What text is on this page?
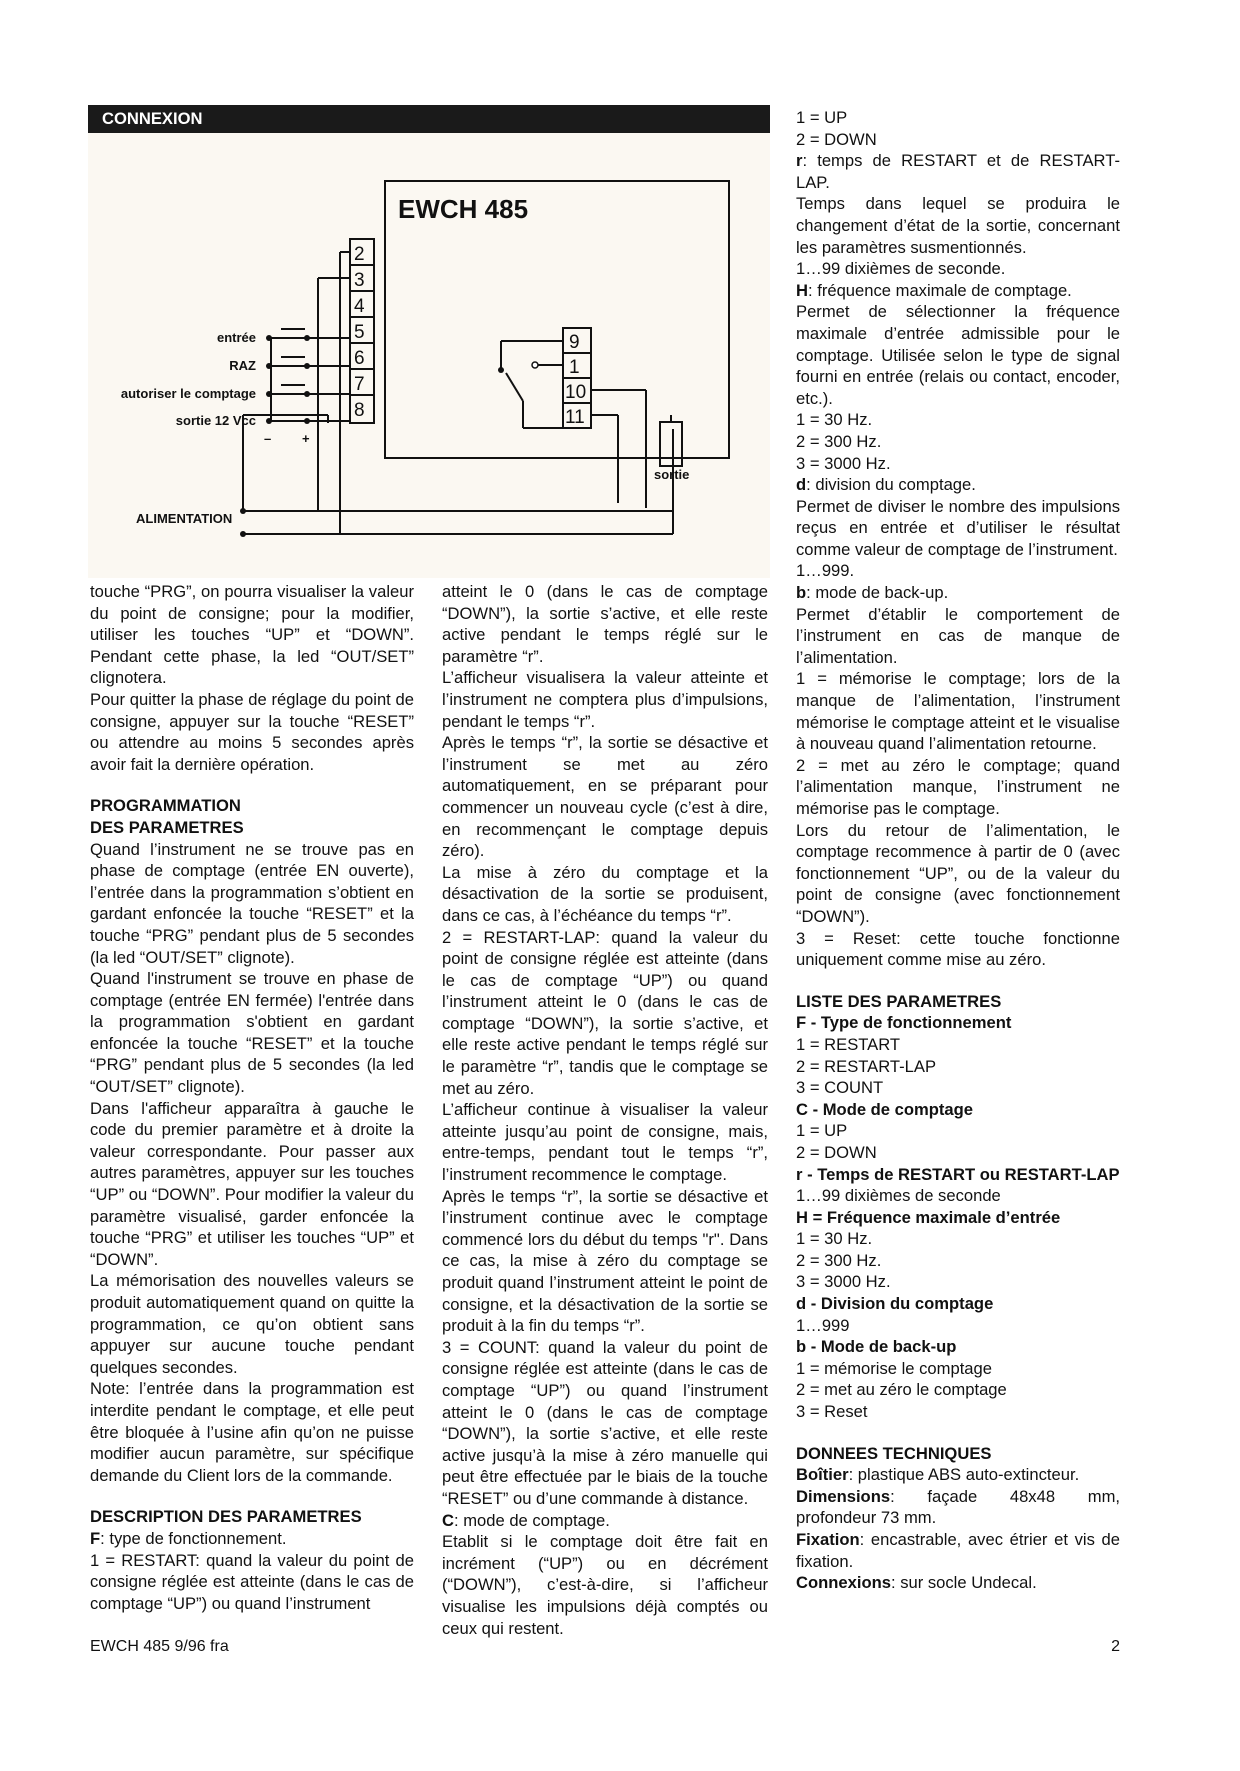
CONNEXION
EWCH 485
2
3
4
5
6
7
8
9
1
10
11
entrée
RAZ
autoriser le comptage
sortie 12 Vcc
– +
sortie
ALIMENTATION

touche “PRG”, on pourra visualiser la valeur du point de consigne; pour la modifier, utiliser les touches “UP” et “DOWN”. Pendant cette phase, la led “OUT/SET” clignotera.

Pour quitter la phase de réglage du point de consigne, appuyer sur la touche “RESET” ou attendre au moins 5 secondes après avoir fait la dernière opération.

PROGRAMMATION
DES PARAMETRES

Quand l’instrument ne se trouve pas en phase de comptage (entrée EN ouverte), l’entrée dans la programmation s’obtient en gardant enfoncée la touche “RESET” et la touche “PRG” pendant plus de 5 secondes (la led “OUT/SET” clignote).

Quand l'instrument se trouve en phase de comptage (entrée EN fermée) l'entrée dans la programmation s'obtient en gardant enfoncée la touche “RESET” et la touche “PRG” pendant plus de 5 secondes (la led “OUT/SET” clignote).

Dans l'afficheur apparaîtra à gauche le code du premier paramètre et à droite la valeur correspondante. Pour passer aux autres paramètres, appuyer sur les touches “UP” ou “DOWN”. Pour modifier la valeur du paramètre visualisé, garder enfoncée la touche “PRG” et utiliser les touches “UP” et “DOWN”.

La mémorisation des nouvelles valeurs se produit automatiquement quand on quitte la programmation, ce qu’on obtient sans appuyer sur aucune touche pendant quelques secondes.

Note: l’entrée dans la programmation est interdite pendant le comptage, et elle peut être bloquée à l’usine afin qu’on ne puisse modifier aucun paramètre, sur spécifique demande du Client lors de la commande.

DESCRIPTION DES PARAMETRES

F: type de fonctionnement.

1 = RESTART: quand la valeur du point de consigne réglée est atteinte (dans le cas de comptage “UP”) ou quand l’instrument

atteint le 0 (dans le cas de comptage “DOWN”), la sortie s’active, et elle reste active pendant le temps réglé sur le paramètre “r”.

L’afficheur visualisera la valeur atteinte et l’instrument ne comptera plus d’impulsions, pendant le temps “r”.

Après le temps “r”, la sortie se désactive et l’instrument se met au zéro automatiquement, en se préparant pour commencer un nouveau cycle (c’est à dire, en recommençant le comptage depuis zéro).

La mise à zéro du comptage et la désactivation de la sortie se produisent, dans ce cas, à l’échéance du temps “r”.

2 = RESTART-LAP: quand la valeur du point de consigne réglée est atteinte (dans le cas de comptage “UP”) ou quand l’instrument atteint le 0 (dans le cas de comptage “DOWN”), la sortie s’active, et elle reste active pendant le temps réglé sur le paramètre “r”, tandis que le comptage se met au zéro.

L’afficheur continue à visualiser la valeur atteinte jusqu’au point de consigne, mais, entre-temps, pendant tout le temps “r”, l’instrument recommence le comptage.

Après le temps “r”, la sortie se désactive et l’instrument continue avec le comptage commencé lors du début du temps "r". Dans ce cas, la mise à zéro du comptage se produit quand l’instrument atteint le point de consigne, et la désactivation de la sortie se produit à la fin du temps “r”.

3 = COUNT: quand la valeur du point de consigne réglée est atteinte (dans le cas de comptage “UP”) ou quand l’instrument atteint le 0 (dans le cas de comptage “DOWN”), la sortie s’active, et elle reste active jusqu’à la mise à zéro manuelle qui peut être effectuée par le biais de la touche “RESET” ou d’une commande à distance.

C: mode de comptage.

Etablit si le comptage doit être fait en incrément (“UP”) ou en décrément (“DOWN”), c’est-à-dire, si l’afficheur visualise les impulsions déjà comptés ou ceux qui restent.

1 = UP

2 = DOWN

r: temps de RESTART et de RESTART-LAP.

Temps dans lequel se produira le changement d’état de la sortie, concernant les paramètres susmentionnés.

1…99 dixièmes de seconde.

H: fréquence maximale de comptage.

Permet de sélectionner la fréquence maximale d’entrée admissible pour le comptage. Utilisée selon le type de signal fourni en entrée (relais ou contact, encoder, etc.).

1 = 30 Hz.

2 = 300 Hz.

3 = 3000 Hz.

d: division du comptage.

Permet de diviser le nombre des impulsions reçus en entrée et d’utiliser le résultat comme valeur de comptage de l’instrument.

1…999.

b: mode de back-up.

Permet d’établir le comportement de l’instrument en cas de manque de l’alimentation.

1 = mémorise le comptage; lors de la manque de l’alimentation, l’instrument mémorise le comptage atteint et le visualise à nouveau quand l’alimentation retourne.

2 = met au zéro le comptage; quand l’alimentation manque, l’instrument ne mémorise pas le comptage.

Lors du retour de l’alimentation, le comptage recommence à partir de 0 (avec fonctionnement “UP”, ou de la valeur du point de consigne (avec fonctionnement “DOWN”).

3 = Reset: cette touche fonctionne uniquement comme mise au zéro.

LISTE DES PARAMETRES
F - Type de fonctionnement

1 = RESTART

2 = RESTART-LAP

3 = COUNT

C - Mode de comptage

1 = UP

2 = DOWN

r - Temps de RESTART ou RESTART-LAP

1…99 dixièmes de seconde

H = Fréquence maximale d’entrée

1 = 30 Hz.

2 = 300 Hz.

3 = 3000 Hz.

d - Division du comptage

1…999

b - Mode de back-up

1 = mémorise le comptage

2 = met au zéro le comptage

3 = Reset

DONNEES TECHNIQUES

Boîtier: plastique ABS auto-extincteur.

Dimensions: façade 48x48 mm, profondeur 73 mm.

Fixation: encastrable, avec étrier et vis de fixation.

Connexions: sur socle Undecal.

EWCH 485 9/96 fra	2
